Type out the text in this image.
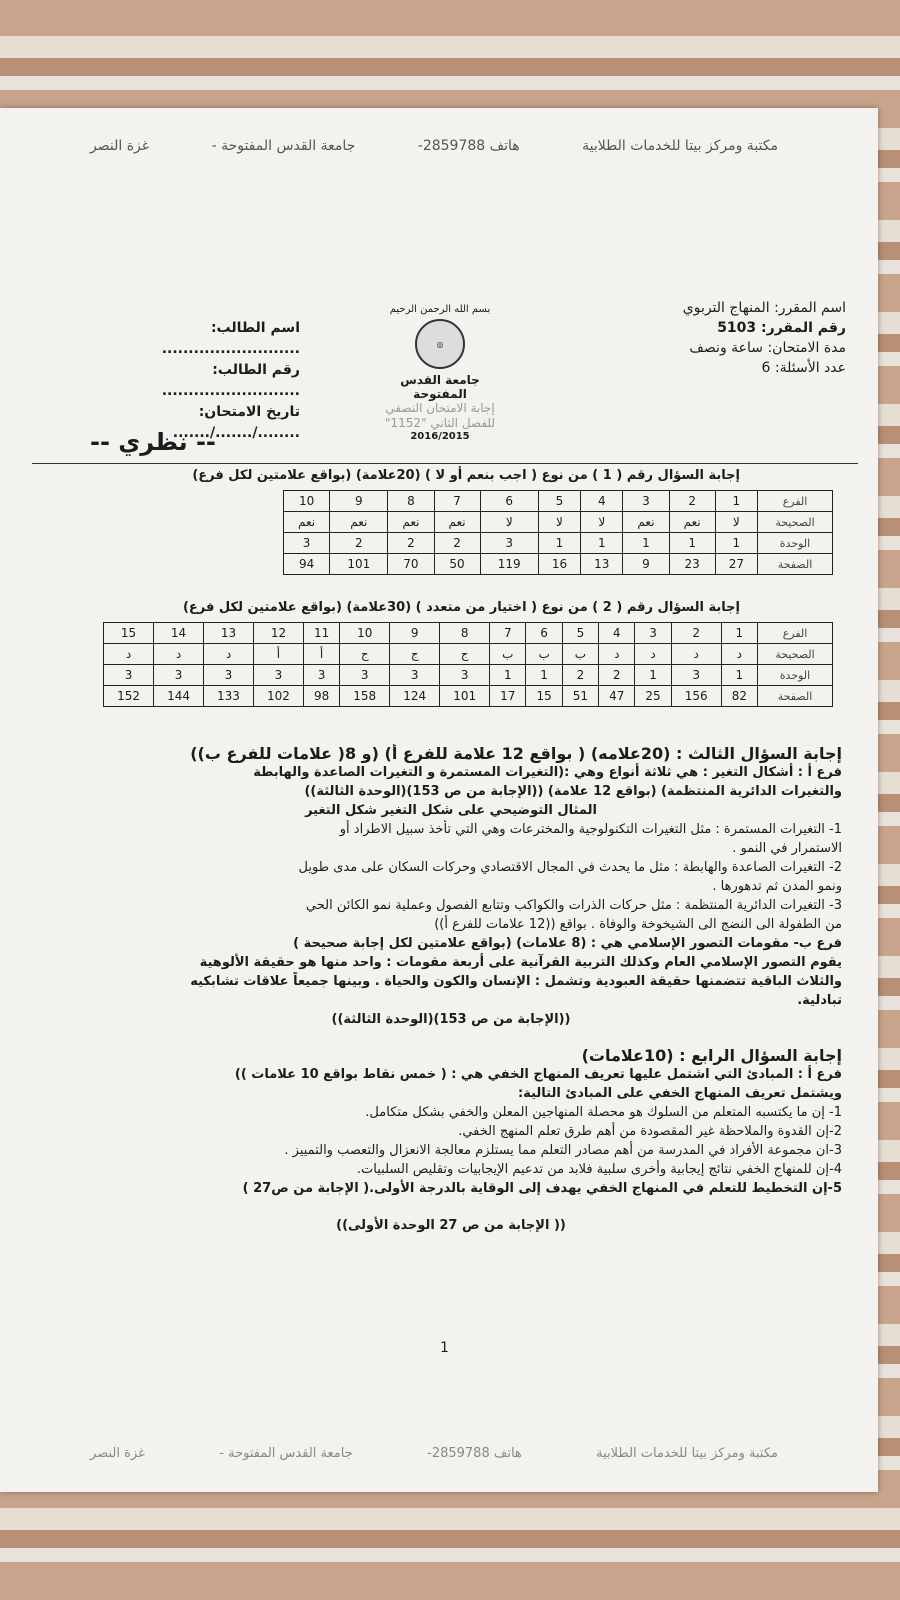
مكتبة ومركز بيتا للخدمات الطلابية
هاتف 2859788-
جامعة القدس المفتوحة -
غزة النصر
اسم المقرر: المنهاج التربوي
رقم المقرر: 5103
مدة الامتحان: ساعة ونصف
عدد الأسئلة: 6
بسم الله الرحمن الرحيم
◎
جامعة القدس المفتوحة
إجابة الامتحان النصفي
للفصل الثاني "1152"
2016/2015
اسم الطالب: ..........................
رقم الطالب: ..........................
تاريخ الامتحان: ......../......./.......
-- نظري --
إجابة السؤال رقم ( 1 ) من نوع ( اجب بنعم أو لا ) (20علامة) (بواقع علامتين لكل فرع)
الفرع	1	2	3	4	5	6	7	8	9	10
الصحيحة	لا	نعم	نعم	لا	لا	لا	نعم	نعم	نعم	نعم
الوحدة	1	1	1	1	1	3	2	2	2	3
الصفحة	27	23	9	13	16	119	50	70	101	94
إجابة السؤال رقم ( 2 ) من نوع ( اختيار من متعدد ) (30علامة) (بواقع علامتين لكل فرع)
الفرع	1	2	3	4	5	6	7	8	9	10	11	12	13	14	15
الصحيحة	د	د	د	د	ب	ب	ب	ج	ج	ج	أ	أ	د	د	د
الوحدة	1	3	1	2	2	1	1	3	3	3	3	3	3	3	3
الصفحة	82	156	25	47	51	15	17	101	124	158	98	102	133	144	152

إجابة السؤال الثالث : (20علامه) ( بواقع 12 علامة للفرع أ) (و 8( علامات للفرع ب))

فرع أ : أشكال التغير : هي ثلاثة أنواع وهي :(التغيرات المستمرة و التغيرات الصاعدة والهابطة

والتغيرات الدائرية المنتظمة) (بواقع 12 علامة) ((الإجابة من ص 153)(الوحدة الثالثة))

المثال التوضيحي على شكل التغير شكل التغير

1- التغيرات المستمرة : مثل التغيرات التكنولوجية والمخترعات وهي التي تأخذ سبيل الاطراد أو

الاستمرار في النمو .

2- التغيرات الصاعدة والهابطة : مثل ما يحدث في المجال الاقتصادي وحركات السكان على مدى طويل

ونمو المدن ثم تدهورها .

3- التغيرات الدائرية المنتظمة : مثل حركات الذرات والكواكب وتتابع الفصول وعملية نمو الكائن الحي

من الطفولة الى النضج الى الشيخوخة والوفاة . بواقع ((12 علامات للفرع أ))

فرع ب- مقومات التصور الإسلامي هي : (8 علامات) (بواقع علامتين لكل إجابة صحيحة )

يقوم التصور الإسلامي العام وكذلك التربية القرآنية على أربعة مقومات : واحد منها هو حقيقة الألوهية

والثلاث الباقية تتضمنها حقيقة العبودية وتشمل : الإنسان والكون والحياة . وبينها جميعاً علاقات تشابكيه

تبادلية.

((الإجابة من ص 153)(الوحدة الثالثة))

إجابة السؤال الرابع : (10علامات)

فرع أ : المبادئ التي اشتمل عليها تعريف المنهاج الخفي هي : ( خمس نقاط بواقع 10 علامات ))

ويشتمل تعريف المنهاج الخفي على المبادئ التالية:

1- إن ما يكتسبه المتعلم من السلوك هو محصلة المنهاجين المعلن والخفي بشكل متكامل.

2-إن القدوة والملاحظة غير المقصودة من أهم طرق تعلم المنهج الخفي.

3-ان مجموعة الأفراد في المدرسة من أهم مصادر التعلم مما يستلزم معالجة الانعزال والتعصب والتمييز .

4-إن للمنهاج الخفي نتائج إيجابية وأخرى سلبية فلابد من تدعيم الإيجابيات وتقليص السلبيات.

5-إن التخطيط للتعلم في المنهاج الخفي يهدف إلى الوقاية بالدرجة الأولى.( الإجابة من ص27 )

(( الإجابة من ص 27 الوحدة الأولى))

1
مكتبة ومركز بيتا للخدمات الطلابية
هاتف 2859788-
جامعة القدس المفتوحة -
غزة النصر
